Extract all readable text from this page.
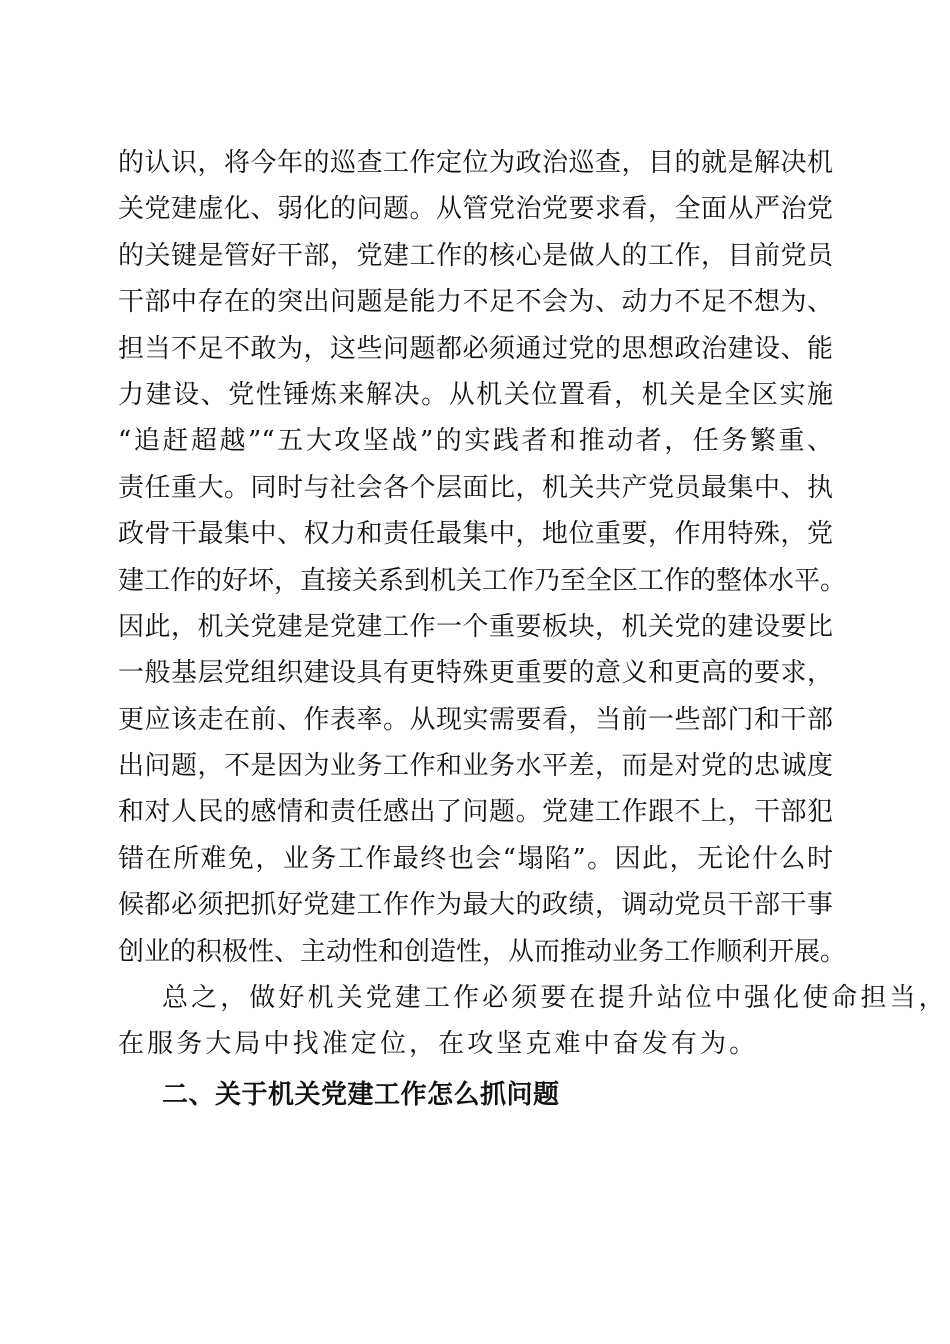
的认识，将今年的巡查工作定位为政治巡查，目的就是解决机
关党建虚化、弱化的问题。从管党治党要求看，全面从严治党
的关键是管好干部，党建工作的核心是做人的工作，目前党员
干部中存在的突出问题是能力不足不会为、动力不足不想为、
担当不足不敢为，这些问题都必须通过党的思想政治建设、能
力建设、党性锤炼来解决。从机关位置看，机关是全区实施
“追赶超越”“五大攻坚战”的实践者和推动者，任务繁重、
责任重大。同时与社会各个层面比，机关共产党员最集中、执
政骨干最集中、权力和责任最集中，地位重要，作用特殊，党
建工作的好坏，直接关系到机关工作乃至全区工作的整体水平。
因此，机关党建是党建工作一个重要板块，机关党的建设要比
一般基层党组织建设具有更特殊更重要的意义和更高的要求，
更应该走在前、作表率。从现实需要看，当前一些部门和干部
出问题，不是因为业务工作和业务水平差，而是对党的忠诚度
和对人民的感情和责任感出了问题。党建工作跟不上，干部犯
错在所难免，业务工作最终也会“塌陷”。因此，无论什么时
候都必须把抓好党建工作作为最大的政绩，调动党员干部干事
创业的积极性、主动性和创造性，从而推动业务工作顺利开展。
总之，做好机关党建工作必须要在提升站位中强化使命担当，
在服务大局中找准定位，在攻坚克难中奋发有为。
二、关于机关党建工作怎么抓问题
